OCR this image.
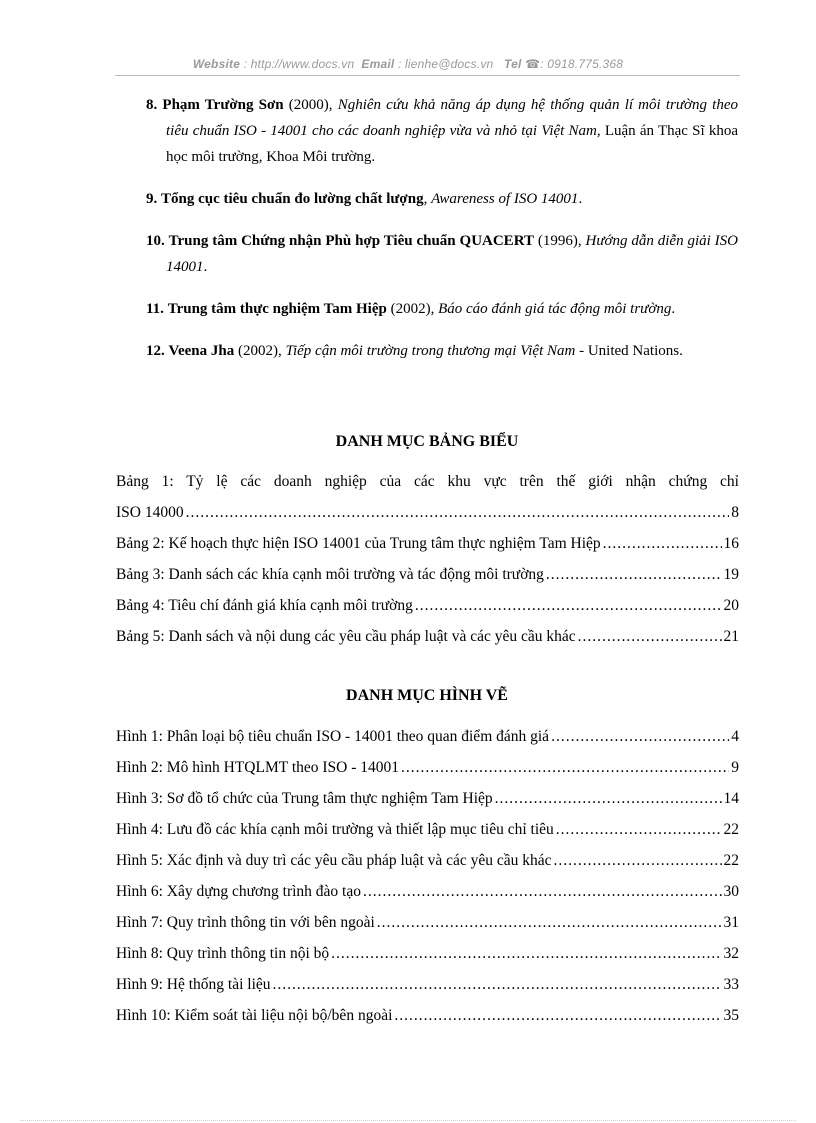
Website : http://www.docs.vn Email : lienhe@docs.vn Tel ☎: 0918.775.368
8. Phạm Trường Sơn (2000), Nghiên cứu khả năng áp dụng hệ thống quản lí môi trường theo tiêu chuẩn ISO - 14001 cho các doanh nghiệp vừa và nhỏ tại Việt Nam, Luận án Thạc Sĩ khoa học môi trường, Khoa Môi trường.
9. Tổng cục tiêu chuẩn đo lường chất lượng, Awareness of ISO 14001.
10. Trung tâm Chứng nhận Phù hợp Tiêu chuẩn QUACERT (1996), Hướng dẫn diễn giải ISO 14001.
11. Trung tâm thực nghiệm Tam Hiệp (2002), Báo cáo đánh giá tác động môi trường.
12. Veena Jha (2002), Tiếp cận môi trường trong thương mại Việt Nam - United Nations.
DANH MỤC BẢNG BIỂU
Bảng 1: Tỷ lệ các doanh nghiệp của các khu vực trên thế giới nhận chứng chỉ
ISO 14000 .....	8
Bảng 2: Kế hoạch thực hiện ISO 14001 của Trung tâm thực nghiệm Tam Hiệp .....	16
Bảng 3: Danh sách các khía cạnh môi trường và tác động môi trường .....	19
Bảng 4: Tiêu chí đánh giá khía cạnh môi trường .....	20
Bảng 5: Danh sách và nội dung các yêu cầu pháp luật và các yêu cầu khác .....	21
DANH MỤC HÌNH VẼ
Hình 1: Phân loại bộ tiêu chuẩn ISO - 14001 theo quan điểm đánh giá .....	4
Hình 2: Mô hình HTQLMT theo ISO - 14001 .....	9
Hình 3: Sơ đồ tổ chức của Trung tâm thực nghiệm Tam Hiệp .....	14
Hình 4: Lưu đồ các khía cạnh môi trường và thiết lập mục tiêu chỉ tiêu .....	22
Hình 5: Xác định và duy trì các yêu cầu pháp luật và các yêu cầu khác .....	22
Hình 6: Xây dựng chương trình đào tạo .....	30
Hình 7: Quy trình thông tin với bên ngoài .....	31
Hình 8: Quy trình thông tin nội bộ .....	32
Hình 9: Hệ thống tài liệu .....	33
Hình 10: Kiểm soát tài liệu nội bộ/bên ngoài .....	35
